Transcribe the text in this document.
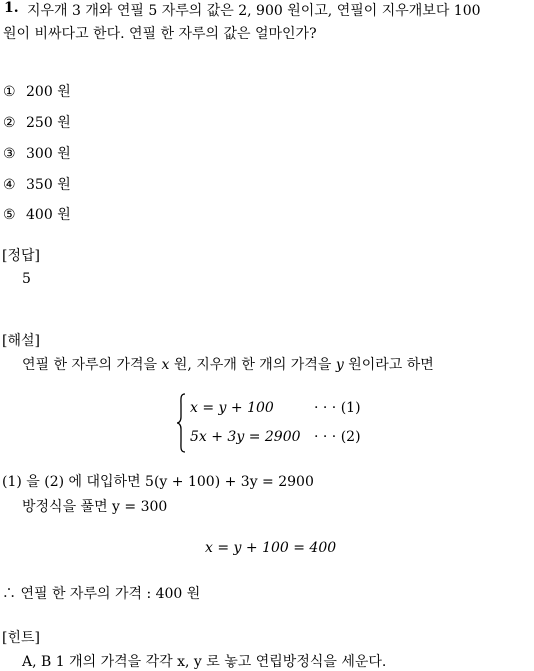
1. 지우개 3 개와 연필 5 자루의 값은 2, 900 원이고, 연필이 지우개보다 100
원이 비싸다고 한다. 연필 한 자루의 값은 얼마인가?
① 200 원
② 250 원
③ 300 원
④ 350 원
⑤ 400 원
[정답]
5
[해설]
연필 한 자루의 가격을 x 원, 지우개 한 개의 가격을 y 원이라고 하면
x = y + 100	· · · (1)
5x + 3y = 2900 · · · (2)
(1) 을 (2) 에 대입하면 5(y + 100) + 3y = 2900
방정식을 풀면 y = 300
x = y + 100 = 400
∴ 연필 한 자루의 가격 : 400 원
[힌트]
A, B 1 개의 가격을 각각 x, y 로 놓고 연립방정식을 세운다.
